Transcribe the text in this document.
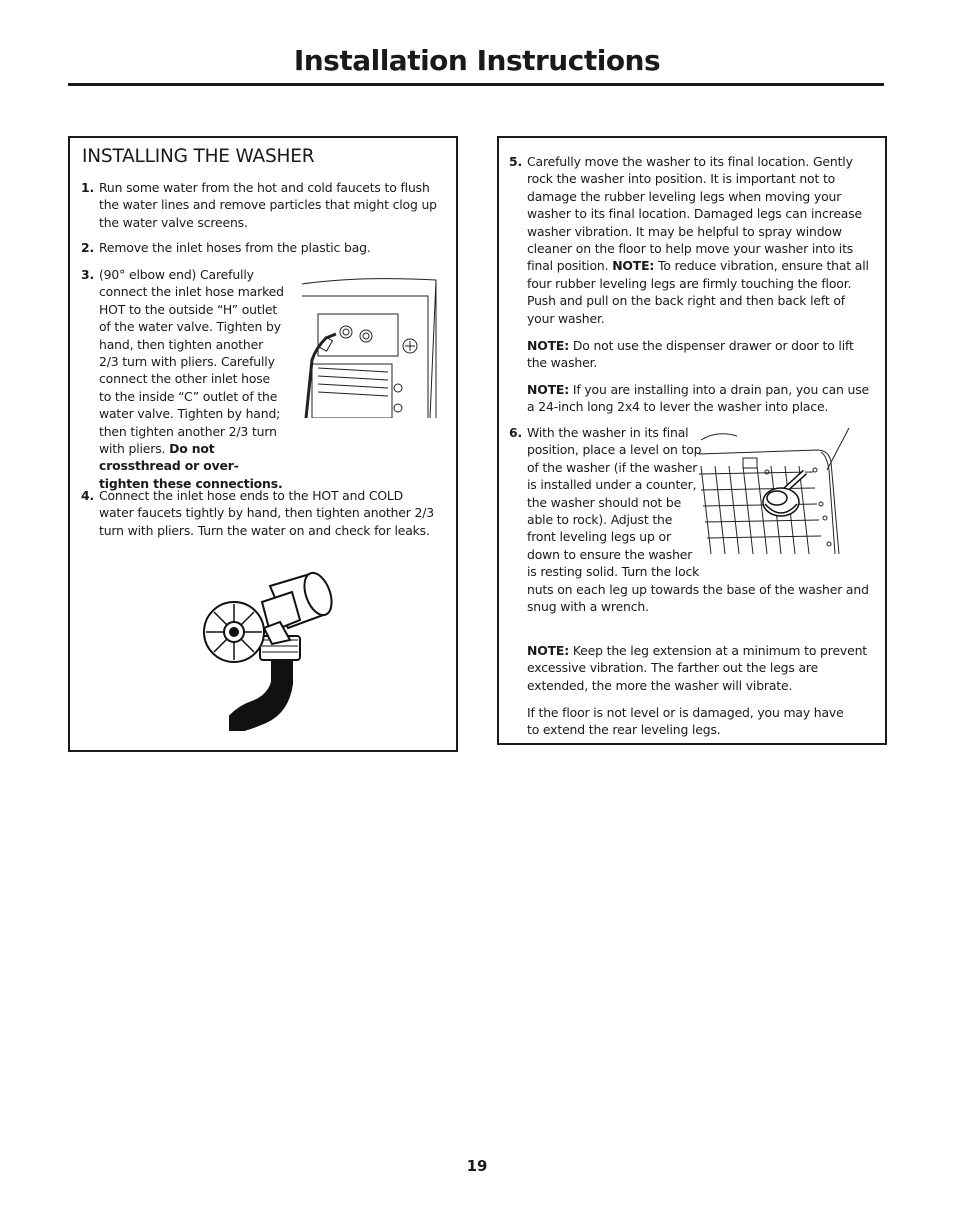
Installation Instructions
INSTALLING THE WASHER
1. Run some water from the hot and cold faucets to flush the water lines and remove particles that might clog up the water valve screens.

2. Remove the inlet hoses from the plastic bag.

3. (90° elbow end) Carefully connect the inlet hose marked HOT to the outside “H” outlet of the water valve. Tighten by hand, then tighten another 2/3 turn with pliers. Carefully connect the other inlet hose to the inside “C” outlet of the water valve. Tighten by hand; then tighten another 2/3 turn with pliers. Do not crossthread or over-tighten these connections.

4. Connect the inlet hose ends to the HOT and COLD water faucets tightly by hand, then tighten another 2/3 turn with pliers. Turn the water on and check for leaks.

5. Carefully move the washer to its final location. Gently rock the washer into position. It is important not to damage the rubber leveling legs when moving your washer to its final location. Damaged legs can increase washer vibration. It may be helpful to spray window cleaner on the floor to help move your washer into its final position. NOTE: To reduce vibration, ensure that all four rubber leveling legs are firmly touching the floor. Push and pull on the back right and then back left of your washer.

NOTE: Do not use the dispenser drawer or door to lift the washer.

NOTE: If you are installing into a drain pan, you can use a 24-inch long 2x4 to lever the washer into place.

6. With the washer in its final position, place a level on top of the washer (if the washer is installed under a counter, the washer should not be able to rock). Adjust the front leveling legs up or down to ensure the washer is resting solid. Turn the lock nuts on each leg up towards the base of the washer and snug with a wrench.

NOTE: Keep the leg extension at a minimum to prevent excessive vibration. The farther out the legs are extended, the more the washer will vibrate.

If the floor is not level or is damaged, you may have to extend the rear leveling legs.

19
